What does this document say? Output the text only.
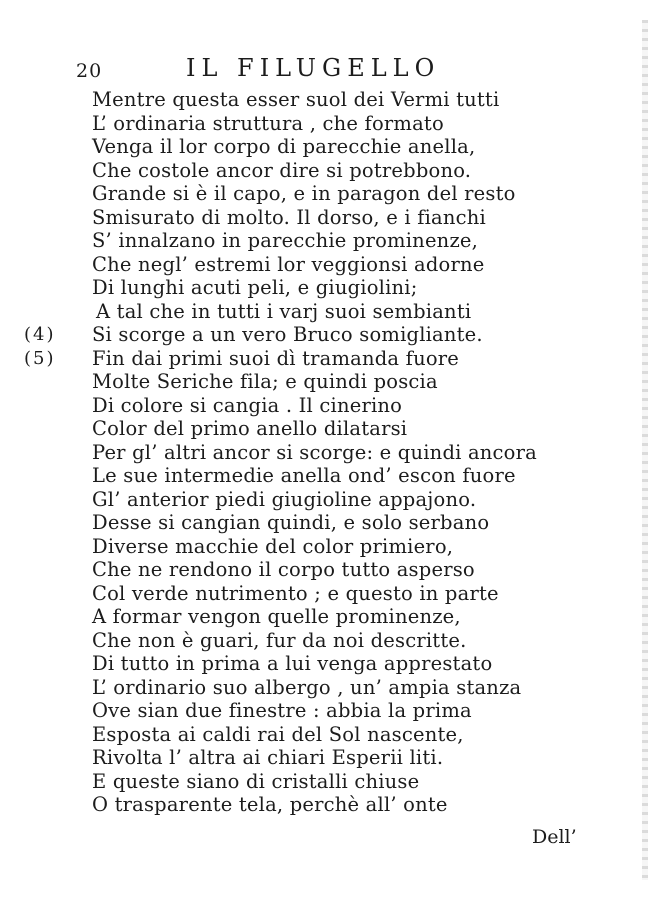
20	IL FILUGELLO
Mentre questa esser suol dei Vermi tutti
L’ ordinaria struttura , che formato
Venga il lor corpo di parecchie anella,
Che costole ancor dire si potrebbono.
Grande si è il capo, e in paragon del resto
Smisurato di molto. Il dorso, e i fianchi
S’ innalzano in parecchie prominenze,
Che negl’ estremi lor veggionsi adorne
Di lunghi acuti peli, e giugiolini;
A tal che in tutti i varj suoi sembianti
(4) Si scorge a un vero Bruco somigliante.
(5) Fin dai primi suoi dì tramanda fuore
Molte Seriche fila; e quindi poscia
Di colore si cangia . Il cinerino
Color del primo anello dilatarsi
Per gl’ altri ancor si scorge: e quindi ancora
Le sue intermedie anella ond’ escon fuore
Gl’ anterior piedi giugioline appajono.
Desse si cangian quindi, e solo serbano
Diverse macchie del color primiero,
Che ne rendono il corpo tutto asperso
Col verde nutrimento ; e questo in parte
A formar vengon quelle prominenze,
Che non è guari, fur da noi descritte.
Di tutto in prima a lui venga apprestato
L’ ordinario suo albergo , un’ ampia stanza
Ove sian due finestre : abbia la prima
Esposta ai caldi rai del Sol nascente,
Rivolta l’ altra ai chiari Esperii liti.
E queste siano di cristalli chiuse
O trasparente tela, perchè all’ onte
Dell’
